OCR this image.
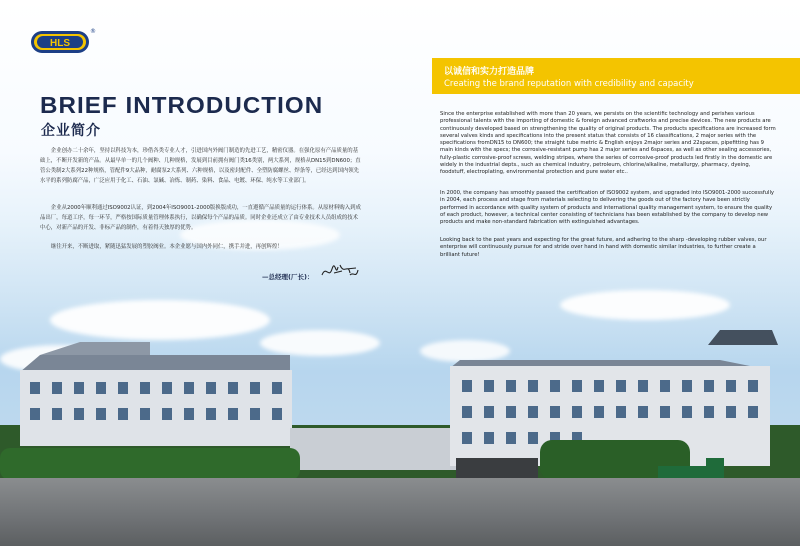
HLS
®
BRIEF INTRODUCTION
企业简介
企业创办二十余年，坚持以科技为本，珍借各类专业人才，引进国内外阀门制造的先进工艺，精密仪器。在强化原有产品质量的基础上，不断开发新的产品。从最早单一的几个阀种、几种规格，发展到目前拥有阀门类16类别，两大系列，规格从DN15到DN600；直管公类制2大系列22种规格，管配件9大品种，耐腐泵2大系列、六种规格，以及密封配件、全塑防腐螺丝、焊条等，已经达到国内领先水平的系列防腐产品，广泛应用于化工、石油、氯碱、冶炼、制药、染料、食品、电镀、环保、纯水等工业部门。
企业从2000年顺利通过ISO9002认证，到2004年ISO9001-2000版换版成功，一直遵循产品质量的运行体系。从原材料购入到成品出厂，每道工序，每一环节，严格按国际质量管理体系执行，以确保每个产品的品质。同时企业还成立了由专业技术人员组成的技术中心，对新产品的开发、非标产品的制作，有着得天独厚的优势。
继往开来，不断进取，紧随迅猛发展的塑胶阀业。本企业愿与国内外同仁，携手并进，再创辉煌！
—总经理(厂长)：
以诚信和实力打造品牌
Creating the brand reputation with credibility and capacity
Since the enterprise established with more than 20 years, we persists on the scientific technology and perishes various professional talents with the importing of domestic & foreign advanced craftworks and precise devices. The new products are continuously developed based on strengthening the quality of original products. The products specifications are increased form several valves kinds and specifications into the present status that consists of 16 classifications, 2 major series with the specifications fromDN15 to DN600; the straight tube metric & English enjoys 2major series and 22spaces, pipefitting has 9 main kinds with the specs; the corrosive-resistant pump has 2 major series and 6spaces, as well as other sealing accessories, fully-plastic corrosive-proof screws, welding stripes, where the series of corrosive-proof products led firstly in the domestic are widely in the industrial depts., such as chemical industry, petroleum, chlorine/alkaline, metallurgy, pharmacy, dyeing, foodstuff, electroplating, environmental protection and pure water etc..
In 2000, the company has smoothly passed the certification of ISO9002 system, and upgraded into ISO9001-2000 successfully in 2004, each process and stage from materials selecting to delivering the goods out of the factory have been strictly performed in accordance with quality system of products and international quality management system, to ensure the quality of each product, however, a technical center consisting of technicians has been established by the company to develop new products and make non-standard fabrication with extinguished advantages.
Looking back to the past years and expecting for the great future, and adhering to the sharp -developing rubber valves, our enterprise will continuously pursue for and stride over hand in hand with domestic similar industries, to further create a brilliant future!
